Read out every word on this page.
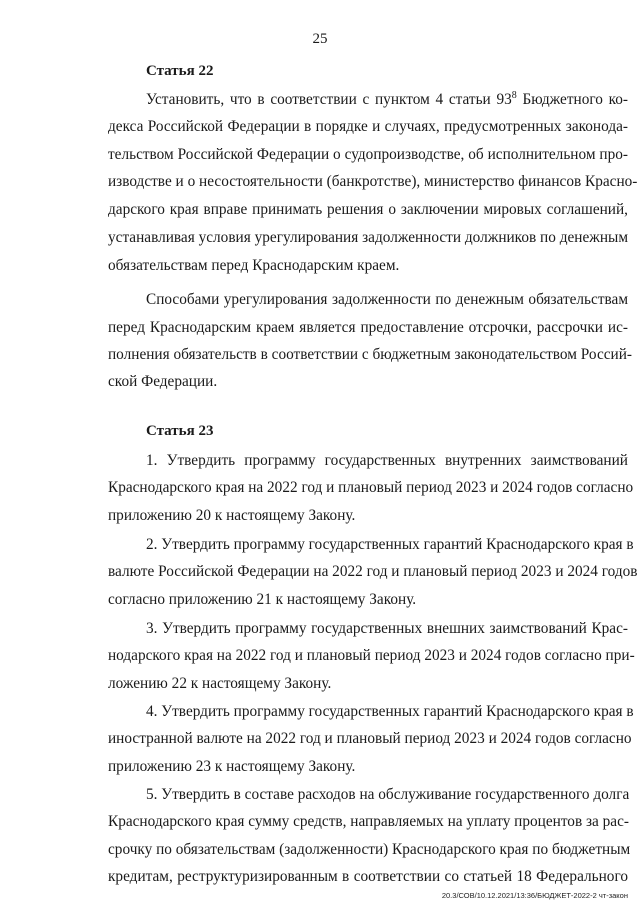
25
Статья 22
Установить, что в соответствии с пунктом 4 статьи $93^8$ Бюджетного ко-
декса Российской Федерации в порядке и случаях, предусмотренных законода-
тельством Российской Федерации о судопроизводстве, об исполнительном про-
изводстве и о несостоятельности (банкротстве), министерство финансов Красно-
дарского края вправе принимать решения о заключении мировых соглашений,
устанавливая условия урегулирования задолженности должников по денежным
обязательствам перед Краснодарским краем.
Способами урегулирования задолженности по денежным обязательствам
перед Краснодарским краем является предоставление отсрочки, рассрочки ис-
полнения обязательств в соответствии с бюджетным законодательством Россий-
ской Федерации.
Статья 23
1. Утвердить программу государственных внутренних заимствований
Краснодарского края на 2022 год и плановый период 2023 и 2024 годов согласно
приложению 20 к настоящему Закону.
2. Утвердить программу государственных гарантий Краснодарского края в
валюте Российской Федерации на 2022 год и плановый период 2023 и 2024 годов
согласно приложению 21 к настоящему Закону.
3. Утвердить программу государственных внешних заимствований Крас-
нодарского края на 2022 год и плановый период 2023 и 2024 годов согласно при-
ложению 22 к настоящему Закону.
4. Утвердить программу государственных гарантий Краснодарского края в
иностранной валюте на 2022 год и плановый период 2023 и 2024 годов согласно
приложению 23 к настоящему Закону.
5. Утвердить в составе расходов на обслуживание государственного долга
Краснодарского края сумму средств, направляемых на уплату процентов за рас-
срочку по обязательствам (задолженности) Краснодарского края по бюджетным
кредитам, реструктуризированным в соответствии со статьей 18 Федерального
20.3/СОВ/10.12.2021/13:36/БЮДЖЕТ-2022-2 чт-закон
